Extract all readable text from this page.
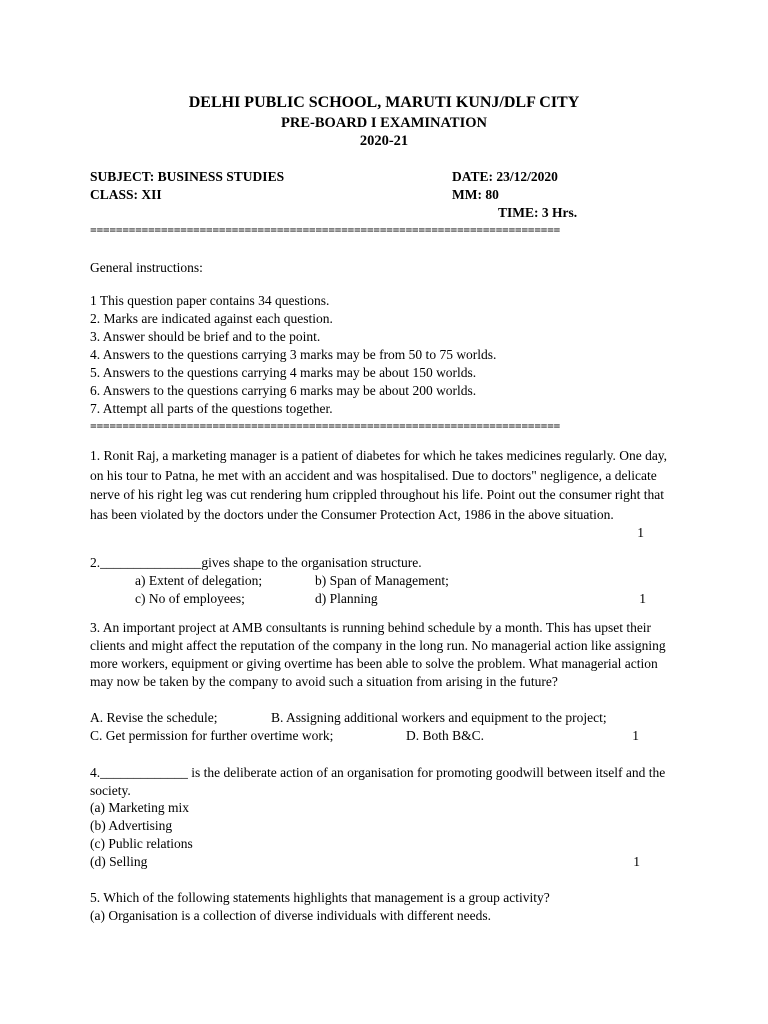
DELHI PUBLIC SCHOOL, MARUTI KUNJ/DLF CITY
PRE-BOARD I EXAMINATION
2020-21
SUBJECT: BUSINESS STUDIES	DATE: 23/12/2020
CLASS: XII	MM: 80
TIME: 3 Hrs.
=========================================================================
General instructions:
1 This question paper contains 34 questions.
2. Marks are indicated against each question.
3. Answer should be brief and to the point.
4. Answers to the questions carrying 3 marks may be from 50 to 75 worlds.
5. Answers to the questions carrying 4 marks may be about 150 worlds.
6. Answers to the questions carrying 6 marks may be about 200 worlds.
7. Attempt all parts of the questions together.
=========================================================================
1. Ronit Raj, a marketing manager is a patient of diabetes for which he takes medicines regularly. One day, on his tour to Patna, he met with an accident and was hospitalised. Due to doctors" negligence, a delicate nerve of his right leg was cut rendering hum crippled throughout his life. Point out the consumer right that has been violated by the doctors under the Consumer Protection Act, 1986 in the above situation.
1
2._______________gives shape to the organisation structure.
a) Extent of delegation;	b) Span of Management;
c) No of employees;	d) Planning	1
3. An important project at AMB consultants is running behind schedule by a month. This has upset their clients and might affect the reputation of the company in the long run. No managerial action like assigning more workers, equipment or giving overtime has been able to solve the problem. What managerial action may now be taken by the company to avoid such a situation from arising in the future?
A. Revise the schedule;	B. Assigning additional workers and equipment to the project;
C. Get permission for further overtime work;	D. Both B&C.	1
4._____________ is the deliberate action of an organisation for promoting goodwill between itself and the society.
(a) Marketing mix
(b) Advertising
(c) Public relations
(d) Selling	1
5. Which of the following statements highlights that management is a group activity?
(a) Organisation is a collection of diverse individuals with different needs.
